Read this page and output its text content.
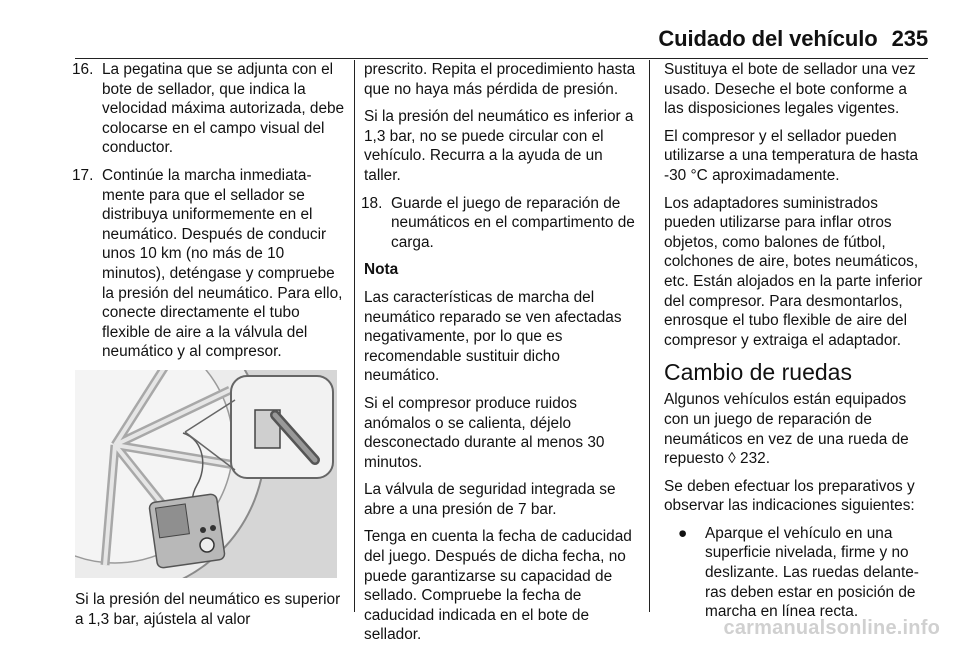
Cuidado del vehículo 235
16. La pegatina que se adjunta con el bote de sellador, que indica la velocidad máxima autorizada, debe colocarse en el campo visual del conductor.
17. Continúe la marcha inmediatamente para que el sellador se distribuya uniformemente en el neumático. Después de conducir unos 10 km (no más de 10 minutos), deténgase y compruebe la presión del neumático. Para ello, conecte directamente el tubo flexible de aire a la válvula del neumático y al compresor.

Si la presión del neumático es superior a 1,3 bar, ajústela al valor

prescrito. Repita el procedimiento hasta que no haya más pérdida de presión.

Si la presión del neumático es inferior a 1,3 bar, no se puede circular con el vehículo. Recurra a la ayuda de un taller.

18. Guarde el juego de reparación de neumáticos en el compartimento de carga.

Nota

Las características de marcha del neumático reparado se ven afectadas negativamente, por lo que es recomendable sustituir dicho neumático.

Si el compresor produce ruidos anómalos o se calienta, déjelo desconectado durante al menos 30 minutos.

La válvula de seguridad integrada se abre a una presión de 7 bar.

Tenga en cuenta la fecha de caducidad del juego. Después de dicha fecha, no puede garantizarse su capacidad de sellado. Compruebe la fecha de caducidad indicada en el bote de sellador.

Sustituya el bote de sellador una vez usado. Deseche el bote conforme a las disposiciones legales vigentes.

El compresor y el sellador pueden utilizarse a una temperatura de hasta -30 °C aproximadamente.

Los adaptadores suministrados pueden utilizarse para inflar otros objetos, como balones de fútbol, colchones de aire, botes neumáticos, etc. Están alojados en la parte inferior del compresor. Para desmontarlos, enrosque el tubo flexible de aire del compresor y extraiga el adaptador.

Cambio de ruedas

Algunos vehículos están equipados con un juego de reparación de neumáticos en vez de una rueda de repuesto ◊ 232.

Se deben efectuar los preparativos y observar las indicaciones siguientes:

● Aparque el vehículo en una superficie nivelada, firme y no deslizante. Las ruedas delanteras deben estar en posición de marcha en línea recta.
carmanualsonline.info
